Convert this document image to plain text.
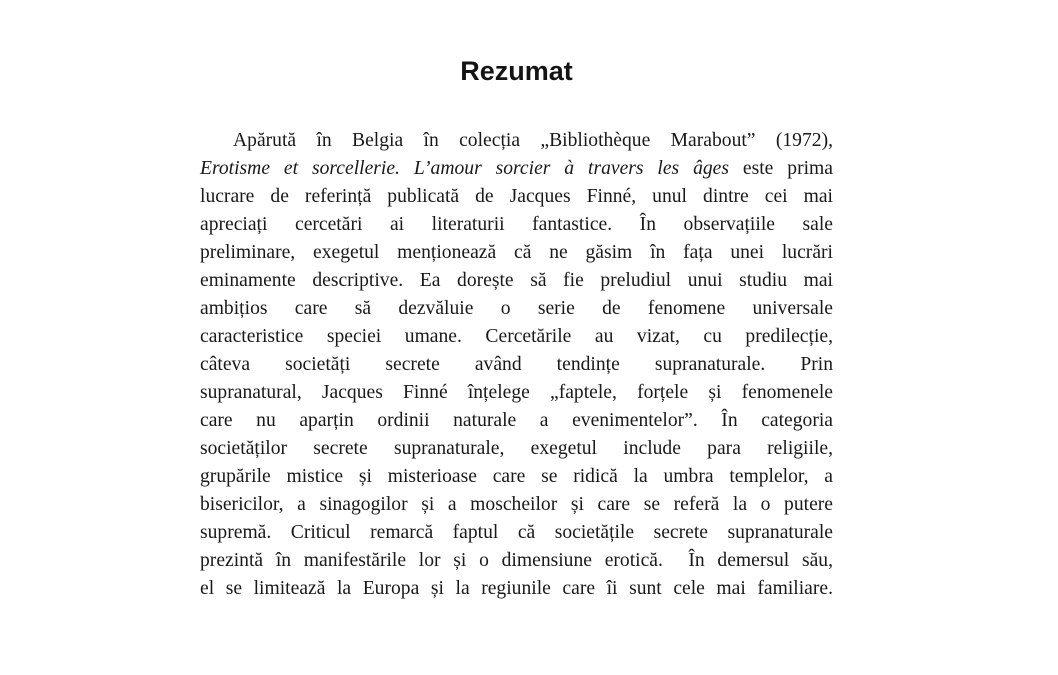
Rezumat
Apărută în Belgia în colecția „Bibliothèque Marabout” (1972),
Erotisme et sorcellerie. L’amour sorcier à travers les âges este prima
lucrare de referință publicată de Jacques Finné, unul dintre cei mai
apreciați cercetări ai literaturii fantastice. În observațiile sale
preliminare, exegetul menționează că ne găsim în fața unei lucrări
eminamente descriptive. Ea dorește să fie preludiul unui studiu mai
ambițios care să dezvăluie o serie de fenomene universale
caracteristice speciei umane. Cercetările au vizat, cu predilecție,
câteva societăți secrete având tendințe supranaturale. Prin
supranatural, Jacques Finné înțelege „faptele, forțele și fenomenele
care nu aparțin ordinii naturale a evenimentelor”. În categoria
societăților secrete supranaturale, exegetul include para religiile,
grupările mistice și misterioase care se ridică la umbra templelor, a
bisericilor, a sinagogilor și a moscheilor și care se referă la o putere
supremă. Criticul remarcă faptul că societățile secrete supranaturale
prezintă în manifestările lor și o dimensiune erotică.  În demersul său,
el se limitează la Europa și la regiunile care îi sunt cele mai familiare.
